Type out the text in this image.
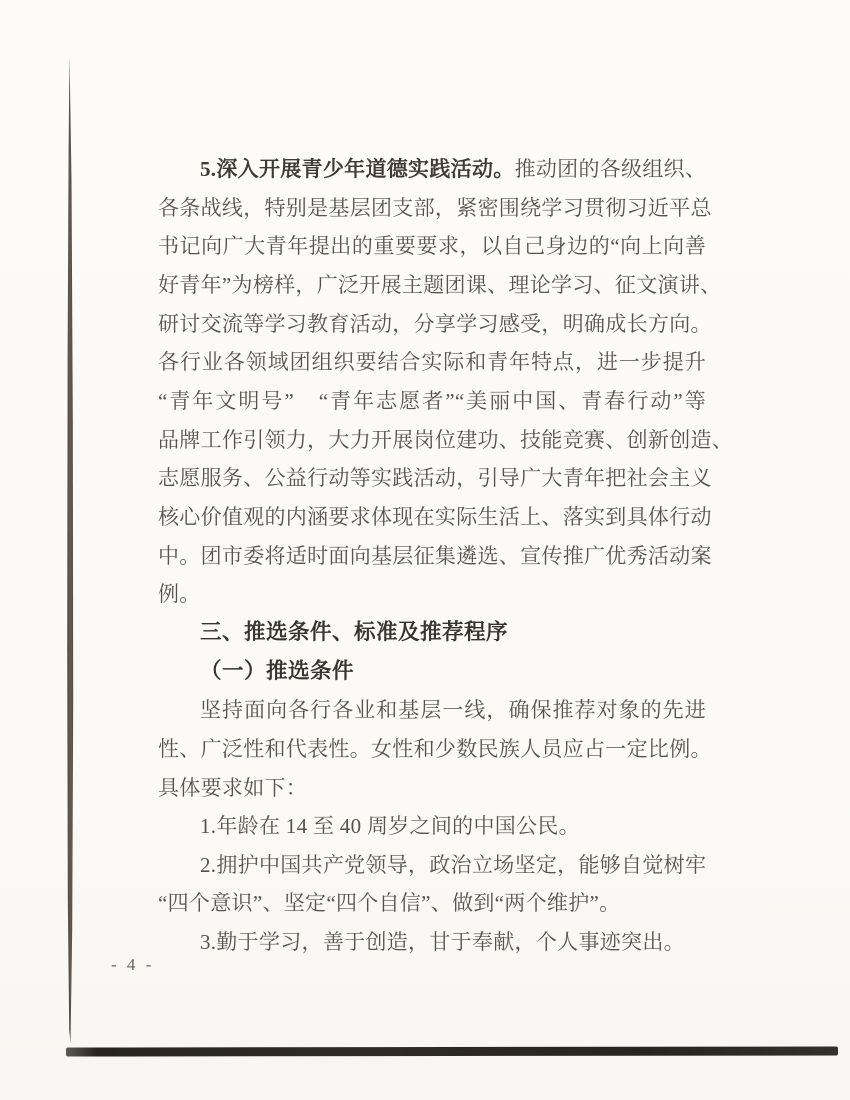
5.深入开展青少年道德实践活动。推动团的各级组织、
各条战线，特别是基层团支部，紧密围绕学习贯彻习近平总
书记向广大青年提出的重要要求，以自己身边的“向上向善
好青年”为榜样，广泛开展主题团课、理论学习、征文演讲、
研讨交流等学习教育活动，分享学习感受，明确成长方向。
各行业各领域团组织要结合实际和青年特点，进一步提升
“青年文明号”　“青年志愿者”“美丽中国、青春行动”等
品牌工作引领力，大力开展岗位建功、技能竞赛、创新创造、
志愿服务、公益行动等实践活动，引导广大青年把社会主义
核心价值观的内涵要求体现在实际生活上、落实到具体行动
中。团市委将适时面向基层征集遴选、宣传推广优秀活动案
例。
三、推选条件、标准及推荐程序
（一）推选条件
坚持面向各行各业和基层一线，确保推荐对象的先进
性、广泛性和代表性。女性和少数民族人员应占一定比例。
具体要求如下：
1.年龄在 14 至 40 周岁之间的中国公民。
2.拥护中国共产党领导，政治立场坚定，能够自觉树牢
“四个意识”、坚定“四个自信”、做到“两个维护”。
3.勤于学习，善于创造，甘于奉献，个人事迹突出。
- 4 -
